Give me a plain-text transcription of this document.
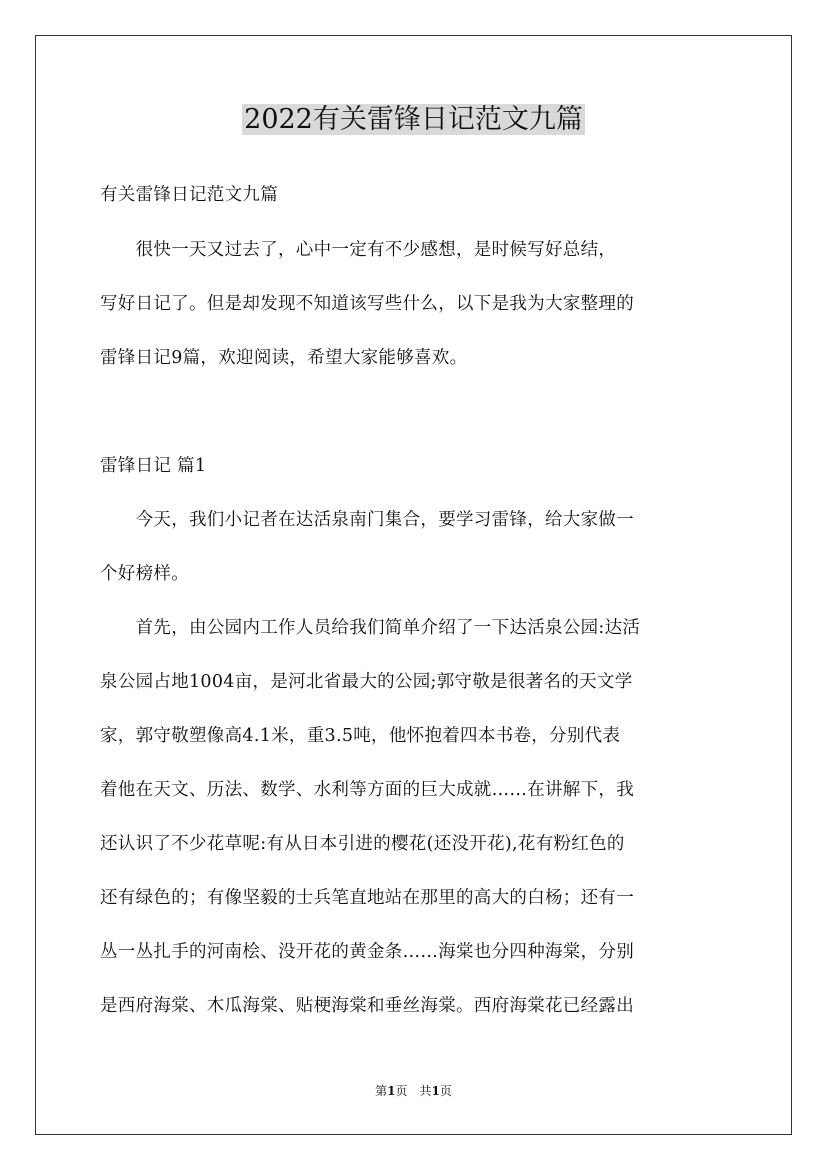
2022有关雷锋日记范文九篇
有关雷锋日记范文九篇
　　很快一天又过去了，心中一定有不少感想，是时候写好总结，
写好日记了。但是却发现不知道该写些什么，以下是我为大家整理的
雷锋日记9篇，欢迎阅读，希望大家能够喜欢。
雷锋日记 篇1
　　今天，我们小记者在达活泉南门集合，要学习雷锋，给大家做一
个好榜样。
　　首先，由公园内工作人员给我们简单介绍了一下达活泉公园:达活
泉公园占地1004亩，是河北省最大的公园;郭守敬是很著名的天文学
家，郭守敬塑像高4.1米，重3.5吨，他怀抱着四本书卷，分别代表
着他在天文、历法、数学、水利等方面的巨大成就……在讲解下，我
还认识了不少花草呢:有从日本引进的樱花(还没开花),花有粉红色的
还有绿色的；有像坚毅的士兵笔直地站在那里的高大的白杨；还有一
丛一丛扎手的河南桧、没开花的黄金条……海棠也分四种海棠，分别
是西府海棠、木瓜海棠、贴梗海棠和垂丝海棠。西府海棠花已经露出
第1页　共1页
